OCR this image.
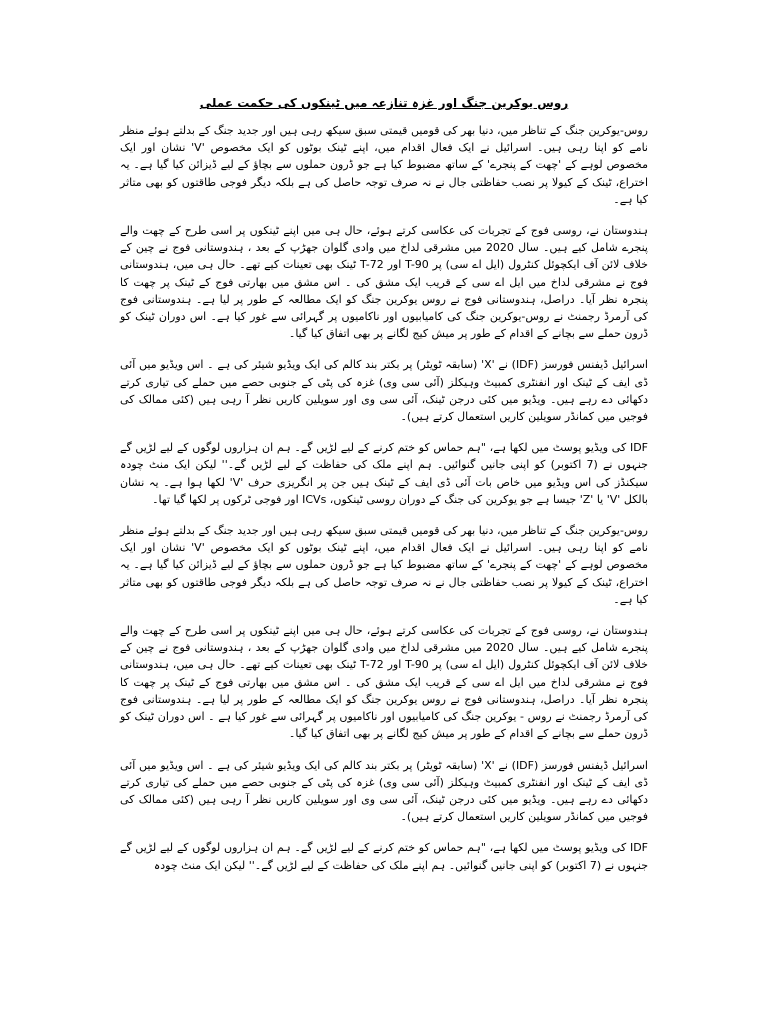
روس یوکرین جنگ اور غزہ تنازعہ میں ٹینکوں کی حکمت عملی

روس-یوکرین جنگ کے تناظر میں، دنیا بھر کی قومیں قیمتی سبق سیکھ رہی ہیں اور جدید جنگ کے بدلتے ہوئے منظر نامے کو اپنا رہی ہیں۔ اسرائیل نے ایک فعال اقدام میں، اپنے ٹینک بوٹوں کو ایک مخصوص 'V' نشان اور ایک مخصوص لوہے کے 'چھت کے پنجرے' کے ساتھ مضبوط کیا ہے جو ڈرون حملوں سے بچاؤ کے لیے ڈیزائن کیا گیا ہے۔ یہ اختراع، ٹینک کے کیولا پر نصب حفاظتی جال نے نہ صرف توجہ حاصل کی ہے بلکہ دیگر فوجی طاقتوں کو بھی متاثر کیا ہے۔

ہندوستان نے، روسی فوج کے تجربات کی عکاسی کرتے ہوئے، حال ہی میں اپنے ٹینکوں پر اسی طرح کے چھت والے پنجرے شامل کیے ہیں۔ سال 2020 میں مشرقی لداخ میں وادی گلوان جھڑپ کے بعد ، ہندوستانی فوج نے چین کے خلاف لائن آف ایکچوئل کنٹرول (ایل اے سی) پر T-90 اور T-72 ٹینک بھی تعینات کیے تھے۔ حال ہی میں، ہندوستانی فوج نے مشرقی لداخ میں ایل اے سی کے قریب ایک مشق کی ۔ اس مشق میں بھارتی فوج کے ٹینک پر چھت کا پنجرہ نظر آیا۔ دراصل، ہندوستانی فوج نے روس یوکرین جنگ کو ایک مطالعہ کے طور پر لیا ہے۔ ہندوستانی فوج کی آرمرڈ رجمنٹ نے روس-یوکرین جنگ کی کامیابیوں اور ناکامیوں پر گہرائی سے غور کیا ہے۔ اس دوران ٹینک کو ڈرون حملے سے بچانے کے اقدام کے طور پر میش کیج لگانے پر بھی اتفاق کیا گیا۔

اسرائیل ڈیفنس فورسز (IDF) نے 'X' (سابقہ ٹویٹر) پر بکتر بند کالم کی ایک ویڈیو شیئر کی ہے ۔ اس ویڈیو میں آئی ڈی ایف کے ٹینک اور انفنٹری کمبیٹ وہیکلز (آئی سی وی) غزہ کی پٹی کے جنوبی حصے میں حملے کی تیاری کرتے دکھائی دے رہے ہیں۔ ویڈیو میں کئی درجن ٹینک، آئی سی وی اور سویلین کاریں نظر آ رہی ہیں (کئی ممالک کی فوجیں میں کمانڈر سویلین کاریں استعمال کرتے ہیں)۔

IDF کی ویڈیو پوسٹ میں لکھا ہے، "ہم حماس کو ختم کرنے کے لیے لڑیں گے۔ ہم ان ہزاروں لوگوں کے لیے لڑیں گے جنہوں نے (7 اکتوبر) کو اپنی جانیں گنوائیں۔ ہم اپنے ملک کی حفاظت کے لیے لڑیں گے۔'' لیکن ایک منٹ چودہ سیکنڈز کی اس ویڈیو میں خاص بات آئی ڈی ایف کے ٹینک ہیں جن پر انگریزی حرف 'V' لکھا ہوا ہے۔ یہ نشان بالکل 'V' یا 'Z' جیسا ہے جو یوکرین کی جنگ کے دوران روسی ٹینکوں، ICVs اور فوجی ٹرکوں پر لکھا گیا تھا۔

روس-یوکرین جنگ کے تناظر میں، دنیا بھر کی قومیں قیمتی سبق سیکھ رہی ہیں اور جدید جنگ کے بدلتے ہوئے منظر نامے کو اپنا رہی ہیں۔ اسرائیل نے ایک فعال اقدام میں، اپنے ٹینک بوٹوں کو ایک مخصوص 'V' نشان اور ایک مخصوص لوہے کے 'چھت کے پنجرے' کے ساتھ مضبوط کیا ہے جو ڈرون حملوں سے بچاؤ کے لیے ڈیزائن کیا گیا ہے۔ یہ اختراع، ٹینک کے کیولا پر نصب حفاظتی جال نے نہ صرف توجہ حاصل کی ہے بلکہ دیگر فوجی طاقتوں کو بھی متاثر کیا ہے۔

ہندوستان نے، روسی فوج کے تجربات کی عکاسی کرتے ہوئے، حال ہی میں اپنے ٹینکوں پر اسی طرح کے چھت والے پنجرے شامل کیے ہیں۔ سال 2020 میں مشرقی لداخ میں وادی گلوان جھڑپ کے بعد ، ہندوستانی فوج نے چین کے خلاف لائن آف ایکچوئل کنٹرول (ایل اے سی) پر T-90 اور T-72 ٹینک بھی تعینات کیے تھے۔ حال ہی میں، ہندوستانی فوج نے مشرقی لداخ میں ایل اے سی کے قریب ایک مشق کی ۔ اس مشق میں بھارتی فوج کے ٹینک پر چھت کا پنجرہ نظر آیا۔ دراصل، ہندوستانی فوج نے روس یوکرین جنگ کو ایک مطالعہ کے طور پر لیا ہے۔ ہندوستانی فوج کی آرمرڈ رجمنٹ نے روس - یوکرین جنگ کی کامیابیوں اور ناکامیوں پر گہرائی سے غور کیا ہے ۔ اس دوران ٹینک کو ڈرون حملے سے بچانے کے اقدام کے طور پر میش کیج لگانے پر بھی اتفاق کیا گیا۔

اسرائیل ڈیفنس فورسز (IDF) نے 'X' (سابقہ ٹویٹر) پر بکتر بند کالم کی ایک ویڈیو شیئر کی ہے ۔ اس ویڈیو میں آئی ڈی ایف کے ٹینک اور انفنٹری کمبیٹ وہیکلز (آئی سی وی) غزہ کی پٹی کے جنوبی حصے میں حملے کی تیاری کرتے دکھائی دے رہے ہیں۔ ویڈیو میں کئی درجن ٹینک، آئی سی وی اور سویلین کاریں نظر آ رہی ہیں (کئی ممالک کی فوجیں میں کمانڈر سویلین کاریں استعمال کرتے ہیں)۔

IDF کی ویڈیو پوسٹ میں لکھا ہے، "ہم حماس کو ختم کرنے کے لیے لڑیں گے۔ ہم ان ہزاروں لوگوں کے لیے لڑیں گے جنہوں نے (7 اکتوبر) کو اپنی جانیں گنوائیں۔ ہم اپنے ملک کی حفاظت کے لیے لڑیں گے۔'' لیکن ایک منٹ چودہ
